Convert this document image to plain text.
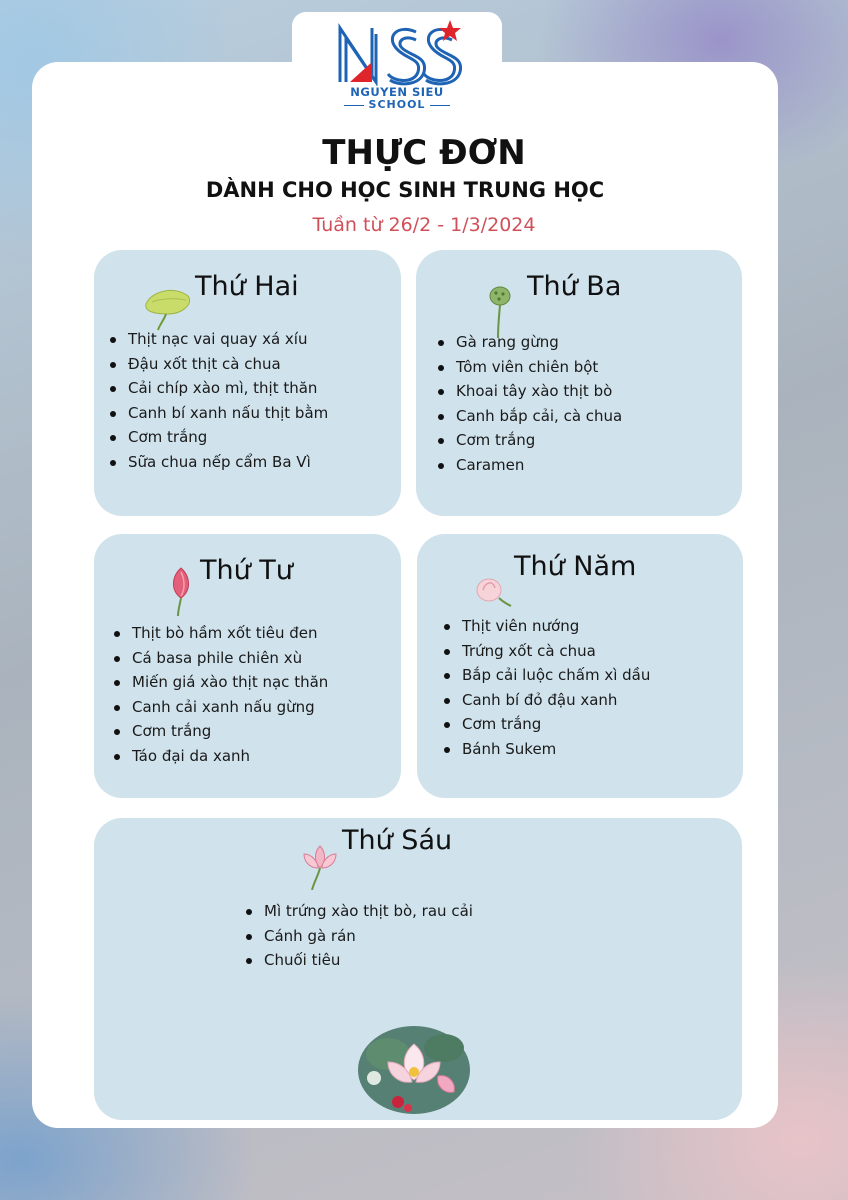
NGUYEN SIEU
SCHOOL
THỰC ĐƠN
DÀNH CHO HỌC SINH TRUNG HỌC
Tuần từ 26/2 - 1/3/2024
Thứ Hai
Thịt nạc vai quay xá xíu
Đậu xốt thịt cà chua
Cải chíp xào mì, thịt thăn
Canh bí xanh nấu thịt bằm
Cơm trắng
Sữa chua nếp cẩm Ba Vì
Thứ Ba
Gà rang gừng
Tôm viên chiên bột
Khoai tây xào thịt bò
Canh bắp cải, cà chua
Cơm trắng
Caramen
Thứ Tư
Thịt bò hầm xốt tiêu đen
Cá basa phile chiên xù
Miến giá xào thịt nạc thăn
Canh cải xanh nấu gừng
Cơm trắng
Táo đại da xanh
Thứ Năm
Thịt viên nướng
Trứng xốt cà chua
Bắp cải luộc chấm xì dầu
Canh bí đỏ đậu xanh
Cơm trắng
Bánh Sukem
Thứ Sáu
Mì trứng xào thịt bò, rau cải
Cánh gà rán
Chuối tiêu
